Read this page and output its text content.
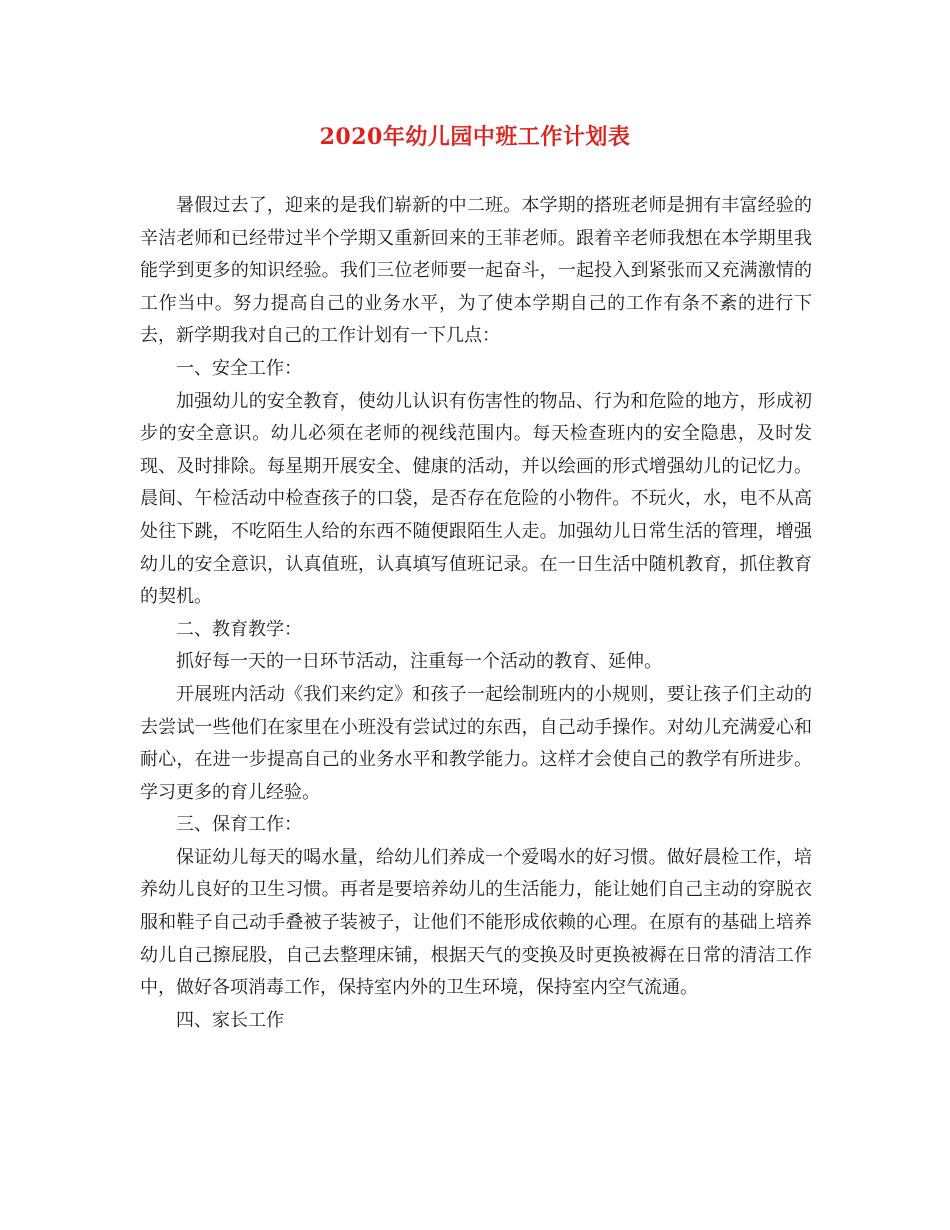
2020年幼儿园中班工作计划表

暑假过去了，迎来的是我们崭新的中二班。本学期的搭班老师是拥有丰富经验的辛洁老师和已经带过半个学期又重新回来的王菲老师。跟着辛老师我想在本学期里我能学到更多的知识经验。我们三位老师要一起奋斗，一起投入到紧张而又充满激情的工作当中。努力提高自己的业务水平，为了使本学期自己的工作有条不紊的进行下去，新学期我对自己的工作计划有一下几点：

一、安全工作：

加强幼儿的安全教育，使幼儿认识有伤害性的物品、行为和危险的地方，形成初步的安全意识。幼儿必须在老师的视线范围内。每天检查班内的安全隐患，及时发现、及时排除。每星期开展安全、健康的活动，并以绘画的形式增强幼儿的记忆力。晨间、午检活动中检查孩子的口袋，是否存在危险的小物件。不玩火，水，电不从高处往下跳，不吃陌生人给的东西不随便跟陌生人走。加强幼儿日常生活的管理，增强幼儿的安全意识，认真值班，认真填写值班记录。在一日生活中随机教育，抓住教育的契机。

二、教育教学：

抓好每一天的一日环节活动，注重每一个活动的教育、延伸。

开展班内活动《我们来约定》和孩子一起绘制班内的小规则，要让孩子们主动的去尝试一些他们在家里在小班没有尝试过的东西，自己动手操作。对幼儿充满爱心和耐心，在进一步提高自己的业务水平和教学能力。这样才会使自己的教学有所进步。学习更多的育儿经验。

三、保育工作：

保证幼儿每天的喝水量，给幼儿们养成一个爱喝水的好习惯。做好晨检工作，培养幼儿良好的卫生习惯。再者是要培养幼儿的生活能力，能让她们自己主动的穿脱衣服和鞋子自己动手叠被子装被子，让他们不能形成依赖的心理。在原有的基础上培养幼儿自己擦屁股，自己去整理床铺，根据天气的变换及时更换被褥在日常的清洁工作中，做好各项消毒工作，保持室内外的卫生环境，保持室内空气流通。

四、家长工作
